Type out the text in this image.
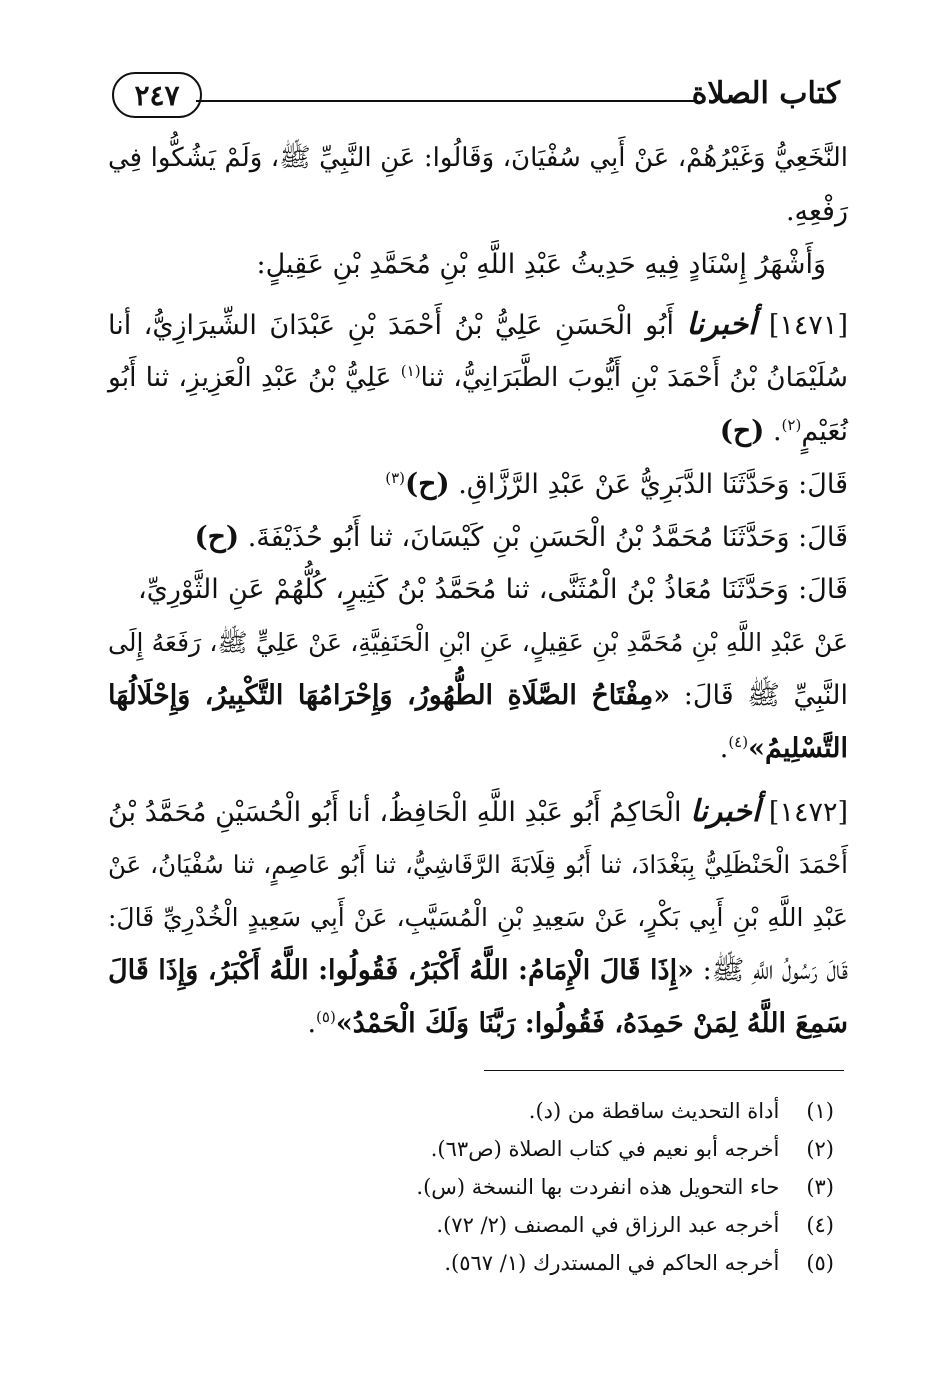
كتاب الصلاة
٢٤٧
النَّخَعِيُّ وَغَيْرُهُمْ، عَنْ أَبِي سُفْيَانَ، وَقَالُوا: عَنِ النَّبِيِّ ﷺ، وَلَمْ يَشُكُّوا فِي
رَفْعِهِ.
وَأَشْهَرُ إِسْنَادٍ فِيهِ حَدِيثُ عَبْدِ اللَّهِ بْنِ مُحَمَّدِ بْنِ عَقِيلٍ:
[١٤٧١] أخبرنا أَبُو الْحَسَنِ عَلِيُّ بْنُ أَحْمَدَ بْنِ عَبْدَانَ الشِّيرَازِيُّ، أنا
سُلَيْمَانُ بْنُ أَحْمَدَ بْنِ أَيُّوبَ الطَّبَرَانِيُّ، ثنا$^{(١)}$ عَلِيُّ بْنُ عَبْدِ الْعَزِيزِ، ثنا أَبُو
نُعَيْمٍ$^{(٢)}$. (ح)
قَالَ: وَحَدَّثَنَا الدَّبَرِيُّ عَنْ عَبْدِ الرَّزَّاقِ. (ح)$^{(٣)}$
قَالَ: وَحَدَّثَنَا مُحَمَّدُ بْنُ الْحَسَنِ بْنِ كَيْسَانَ، ثنا أَبُو حُذَيْفَةَ. (ح)
قَالَ: وَحَدَّثَنَا مُعَاذُ بْنُ الْمُثَنَّى، ثنا مُحَمَّدُ بْنُ كَثِيرٍ، كُلُّهُمْ عَنِ الثَّوْرِيِّ،
عَنْ عَبْدِ اللَّهِ بْنِ مُحَمَّدِ بْنِ عَقِيلٍ، عَنِ ابْنِ الْحَنَفِيَّةِ، عَنْ عَلِيٍّ ﷺ، رَفَعَهُ إِلَى
النَّبِيِّ ﷺ قَالَ: «مِفْتَاحُ الصَّلَاةِ الطُّهُورُ، وَإِحْرَامُهَا التَّكْبِيرُ، وَإِحْلَالُهَا
التَّسْلِيمُ»$^{(٤)}$.
[١٤٧٢] أخبرنا الْحَاكِمُ أَبُو عَبْدِ اللَّهِ الْحَافِظُ، أنا أَبُو الْحُسَيْنِ مُحَمَّدُ بْنُ
أَحْمَدَ الْحَنْظَلِيُّ بِبَغْدَادَ، ثنا أَبُو قِلَابَةَ الرَّقَاشِيُّ، ثنا أَبُو عَاصِمٍ، ثنا سُفْيَانُ، عَنْ
عَبْدِ اللَّهِ بْنِ أَبِي بَكْرٍ، عَنْ سَعِيدِ بْنِ الْمُسَيَّبِ، عَنْ أَبِي سَعِيدٍ الْخُدْرِيِّ قَالَ:
قَالَ رَسُولُ اللَّهِ ﷺ: «إِذَا قَالَ الْإِمَامُ: اللَّهُ أَكْبَرُ، فَقُولُوا: اللَّهُ أَكْبَرُ، وَإِذَا قَالَ
سَمِعَ اللَّهُ لِمَنْ حَمِدَهُ، فَقُولُوا: رَبَّنَا وَلَكَ الْحَمْدُ»$^{(٥)}$.
(١) أداة التحديث ساقطة من (د).
(٢) أخرجه أبو نعيم في كتاب الصلاة (ص٦٣).
(٣) حاء التحويل هذه انفردت بها النسخة (س).
(٤) أخرجه عبد الرزاق في المصنف (٢/ ٧٢).
(٥) أخرجه الحاكم في المستدرك (١/ ٥٦٧).
